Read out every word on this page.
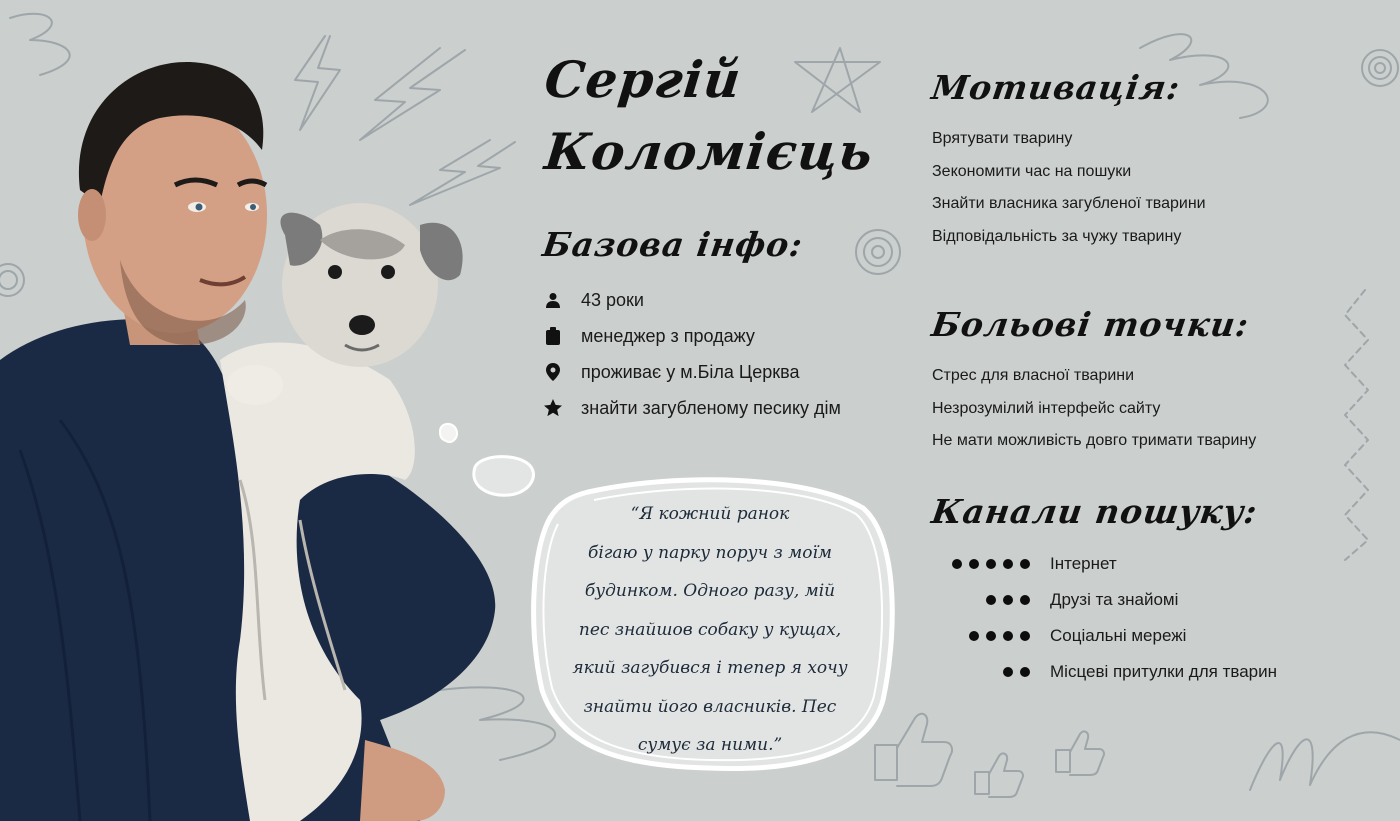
“Я кожний ранок
бігаю у парку поруч з моїм
будинком. Одного разу, мій
пес знайшов собаку у кущах,
який загубився і тепер я хочу
знайти його власників. Пес
сумує за ними.”
Сергій
Коломієць
Базова інфо:
43 роки
менеджер з продажу
проживає у м.Біла Церква
знайти загубленому песику дім
Мотивація:
Врятувати тварину
Зекономити час на пошуки
Знайти власника загубленої тварини
Відповідальність за чужу тварину
Больові точки:
Стрес для власної тварини
Незрозумілий інтерфейс сайту
Не мати можливість довго тримати тварину
Канали пошуку:
Інтернет
Друзі та знайомі
Соціальні мережі
Місцеві притулки для тварин
